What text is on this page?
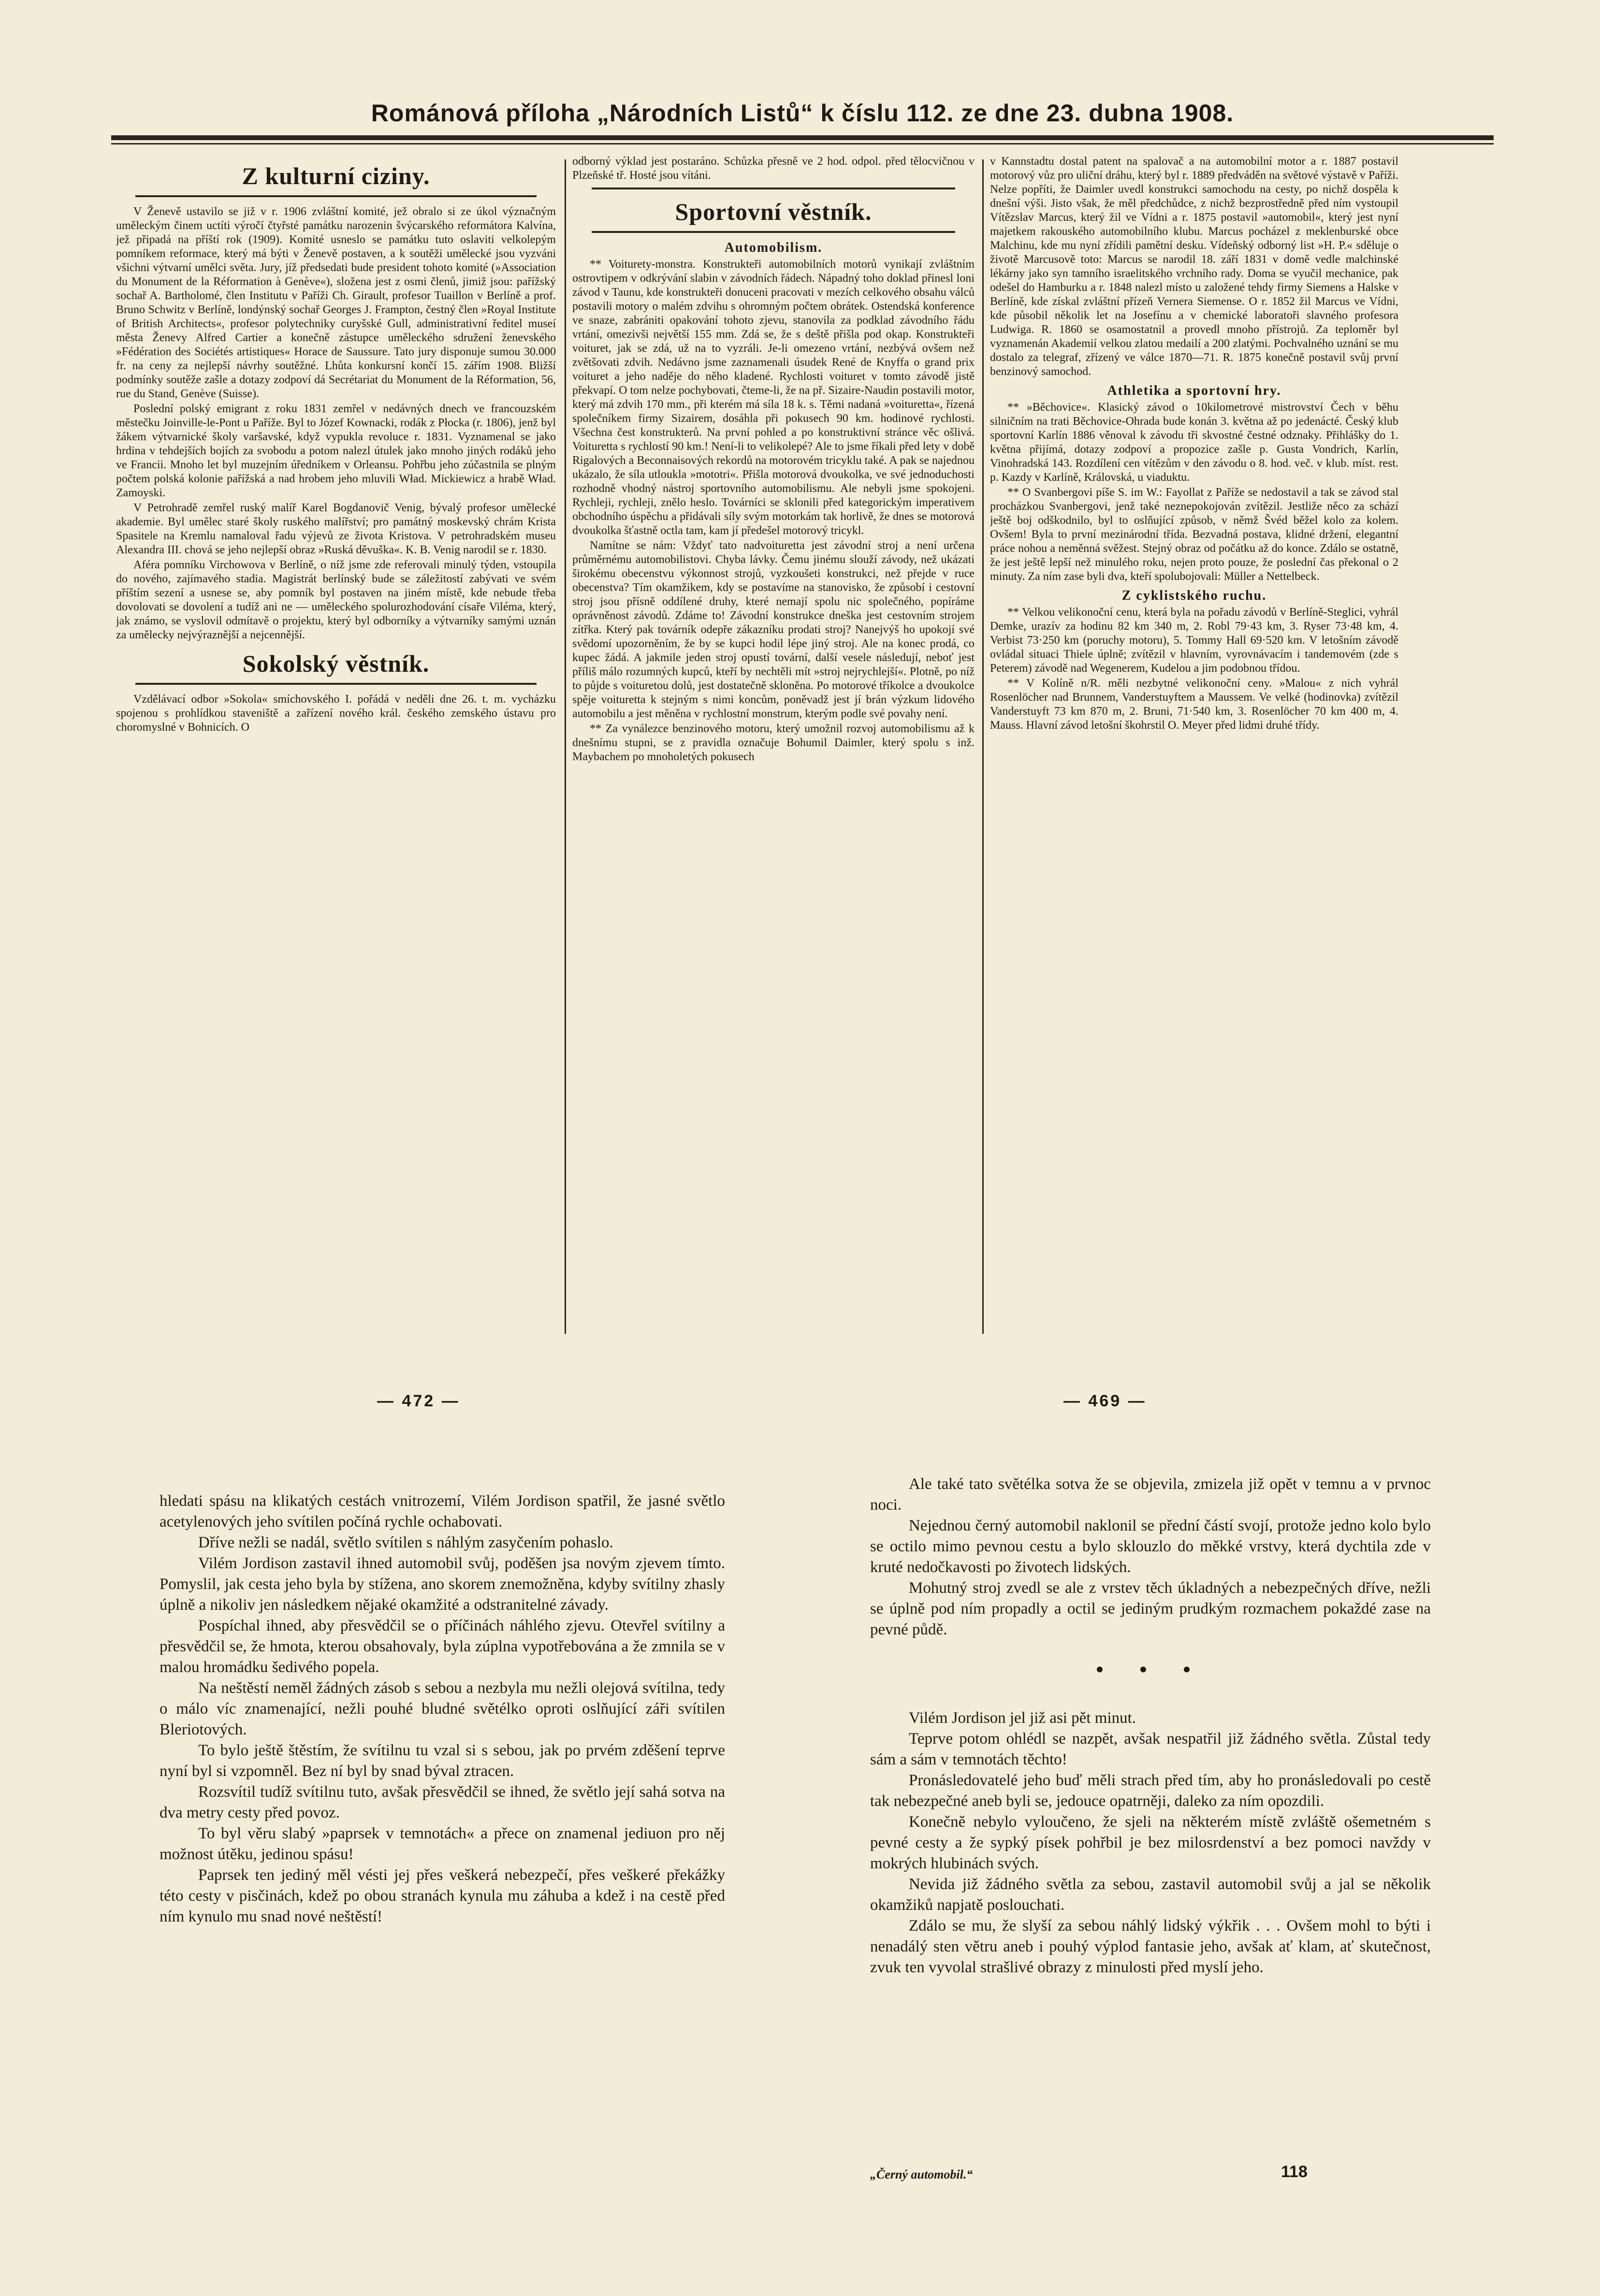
Románová příloha „Národních Listů“ k číslu 112. ze dne 23. dubna 1908.
Z kulturní ciziny.

V Ženevě ustavilo se již v r. 1906 zvláštní komité, jež obralo si ze úkol význačným uměleckým činem uctíti výročí čtyřsté památku narozenin švýcarského reformátora Kalvína, jež připadá na příští rok (1909). Komité usneslo se památku tuto oslaviti velkolepým pomníkem reformace, který má býti v Ženevě postaven, a k soutěži umělecké jsou vyzváni všichni výtvarní umělci světa. Jury, jíž předsedati bude president tohoto komité (»Association du Monument de la Réformation à Genève«), složena jest z osmi členů, jimiž jsou: pařížský sochař A. Bartholomé, člen Institutu v Paříži Ch. Girault, profesor Tuaillon v Berlíně a prof. Bruno Schwitz v Berlíně, londýnský sochař Georges J. Frampton, čestný člen »Royal Institute of British Architects«, profesor polytechniky curyšské Gull, administrativní ředitel museí města Ženevy Alfred Cartier a konečně zástupce uměleckého sdružení ženevského »Fédération des Sociétés artistiques« Horace de Saussure. Tato jury disponuje sumou 30.000 fr. na ceny za nejlepší návrhy soutěžné. Lhůta konkursní končí 15. zářím 1908. Bližší podmínky soutěže zašle a dotazy zodpoví dá Secrétariat du Monument de la Réformation, 56, rue du Stand, Genève (Suisse).

Poslední polský emigrant z roku 1831 zemřel v nedávných dnech ve francouzském městečku Joinville-le-Pont u Paříže. Byl to Józef Kownacki, rodák z Płocka (r. 1806), jenž byl žákem výtvarnické školy varšavské, když vypukla revoluce r. 1831. Vyznamenal se jako hrdina v tehdejších bojích za svobodu a potom nalezl útulek jako mnoho jiných rodáků jeho ve Francii. Mnoho let byl muzejním úředníkem v Orleansu. Pohřbu jeho zúčastnila se plným počtem polská kolonie pařížská a nad hrobem jeho mluvili Wład. Mickiewicz a hrabě Wład. Zamoyski.

V Petrohradě zemřel ruský malíř Karel Bogdanovič Venig, bývalý profesor umělecké akademie. Byl umělec staré školy ruského malířství; pro památný moskevský chrám Krista Spasitele na Kremlu namaloval řadu výjevů ze života Kristova. V petrohradském museu Alexandra III. chová se jeho nejlepší obraz »Ruská děvuška«. K. B. Venig narodil se r. 1830.

Aféra pomníku Virchowova v Berlíně, o níž jsme zde referovali minulý týden, vstoupila do nového, zajímavého stadia. Magistrát berlínský bude se záležitostí zabývati ve svém příštím sezení a usnese se, aby pomník byl postaven na jiném místě, kde nebude třeba dovolovati se dovolení a tudíž ani ne — uměleckého spolurozhodování císaře Viléma, který, jak známo, se vyslovil odmítavě o projektu, který byl odborníky a výtvarníky samými uznán za umělecky nejvýraznější a nejcennější.

Sokolský věstník.

Vzdělávací odbor »Sokola« smíchovského I. pořádá v neděli dne 26. t. m. vycházku spojenou s prohlídkou staveniště a zařízení nového král. českého zemského ústavu pro choromyslné v Bohnicích. O

odborný výklad jest postaráno. Schůzka přesně ve 2 hod. odpol. před tělocvičnou v Plzeňské tř. Hosté jsou vítáni.

Sportovní věstník.
Automobilism.

** Voiturety-monstra. Konstrukteři automobilních motorů vynikají zvláštním ostrovtipem v odkrývání slabin v závodních řádech. Nápadný toho doklad přinesl loni závod v Taunu, kde konstrukteři donuceni pracovati v mezích celkového obsahu válců postavili motory o malém zdvihu s ohromným počtem obrátek. Ostendská konference ve snaze, zabrániti opakování tohoto zjevu, stanovila za podklad závodního řádu vrtání, omezivši největší 155 mm. Zdá se, že s deště přišla pod okap. Konstrukteři voituret, jak se zdá, už na to vyzráli. Je-li omezeno vrtání, nezbývá ovšem než zvětšovati zdvih. Nedávno jsme zaznamenali úsudek René de Knyffa o grand prix voituret a jeho naděje do něho kladené. Rychlosti voituret v tomto závodě jistě překvapí. O tom nelze pochybovati, čteme-li, že na př. Sizaire-Naudin postavili motor, který má zdvih 170 mm., při kterém má síla 18 k. s. Těmi nadaná »voituretta«, řízená společníkem firmy Sizairem, dosáhla při pokusech 90 km. hodinové rychlosti. Všechna čest konstrukterů. Na první pohled a po konstruktivní stránce věc ošlivá. Voituretta s rychlostí 90 km.! Není-li to velikolepé? Ale to jsme říkali před lety v době Rigalových a Beconnaisových rekordů na motorovém tricyklu také. A pak se najednou ukázalo, že síla utloukla »mototri«. Přišla motorová dvoukolka, ve své jednoduchosti rozhodně vhodný nástroj sportovního automobilismu. Ale nebyli jsme spokojeni. Rychleji, rychleji, znělo heslo. Továrníci se sklonili před kategorickým imperativem obchodního úspěchu a přidávali síly svým motorkám tak horlivě, že dnes se motorová dvoukolka šťastně octla tam, kam jí předešel motorový tricykl.

Namítne se nám: Vždyť tato nadvoituretta jest závodní stroj a není určena průměrnému automobilistovi. Chyba lávky. Čemu jinému slouží závody, než ukázati širokému obecenstvu výkonnost strojů, vyzkoušeti konstrukci, než přejde v ruce obecenstva? Tím okamžikem, kdy se postavíme na stanovisko, že způsobí i cestovní stroj jsou přísně oddílené druhy, které nemají spolu nic společného, popíráme oprávněnost závodů. Zdáme to! Závodní konstrukce dneška jest cestovním strojem zítřka. Který pak továrník odepře zákazníku prodati stroj? Nanejvýš ho upokojí své svědomí upozorněním, že by se kupci hodil lépe jiný stroj. Ale na konec prodá, co kupec žádá. A jakmile jeden stroj opustí tovární, další vesele následují, neboť jest příliš málo rozumných kupců, kteří by nechtěli mít »stroj nejrychlejší«. Plotně, po níž to půjde s voituretou dolů, jest dostatečně skloněna. Po motorové tříkolce a dvoukolce spěje voituretta k stejným s nimi koncům, poněvadž jest jí brán výzkum lidového automobilu a jest měněna v rychlostní monstrum, kterým podle své povahy není.

** Za vynálezce benzinového motoru, který umožnil rozvoj automobilismu až k dnešnímu stupni, se z pravidla označuje Bohumil Daimler, který spolu s inž. Maybachem po mnoholetých pokusech

v Kannstadtu dostal patent na spalovač a na automobilní motor a r. 1887 postavil motorový vůz pro uliční dráhu, který byl r. 1889 předváděn na světové výstavě v Paříži. Nelze popříti, že Daimler uvedl konstrukci samochodu na cesty, po nichž dospěla k dnešní výši. Jisto však, že měl předchůdce, z nichž bezprostředně před ním vystoupil Vítězslav Marcus, který žil ve Vídni a r. 1875 postavil »automobil«, který jest nyní majetkem rakouského automobilního klubu. Marcus pocházel z meklenburské obce Malchinu, kde mu nyní zřídili pamětní desku. Vídeňský odborný list »H. P.« sděluje o životě Marcusově toto: Marcus se narodil 18. září 1831 v domě vedle malchinské lékárny jako syn tamního israelitského vrchního rady. Doma se vyučil mechanice, pak odešel do Hamburku a r. 1848 nalezl místo u založené tehdy firmy Siemens a Halske v Berlíně, kde získal zvláštní přízeň Vernera Siemense. O r. 1852 žil Marcus ve Vídni, kde působil několik let na Josefínu a v chemické laboratoři slavného profesora Ludwiga. R. 1860 se osamostatnil a provedl mnoho přístrojů. Za teploměr byl vyznamenán Akademií velkou zlatou medailí a 200 zlatými. Pochvalného uznání se mu dostalo za telegraf, zřízený ve válce 1870—71. R. 1875 konečně postavil svůj první benzinový samochod.

Athletika a sportovní hry.

** »Běchovice«. Klasický závod o 10kilometrové mistrovství Čech v běhu silničním na trati Běchovice-Ohrada bude konán 3. května až po jedenácté. Český klub sportovní Karlín 1886 věnoval k závodu tři skvostné čestné odznaky. Přihlášky do 1. května přijímá, dotazy zodpoví a propozice zašle p. Gusta Vondrich, Karlín, Vinohradská 143. Rozdílení cen vítězům v den závodu o 8. hod. več. v klub. míst. rest. p. Kazdy v Karlíně, Královská, u viaduktu.

** O Svanbergovi píše S. im W.: Fayollat z Paříže se nedostavil a tak se závod stal procházkou Svanbergovi, jenž také neznepokojován zvítězil. Jestliže něco za schází ještě boj odškodnilo, byl to oslňující způsob, v němž Švéd běžel kolo za kolem. Ovšem! Byla to první mezinárodní třída. Bezvadná postava, klidné držení, elegantní práce nohou a neměnná svěžest. Stejný obraz od počátku až do konce. Zdálo se ostatně, že jest ještě lepší než minulého roku, nejen proto pouze, že poslední čas překonal o 2 minuty. Za ním zase byli dva, kteří spolubojovali: Müller a Nettelbeck.

Z cyklistského ruchu.

** Velkou velikonoční cenu, která byla na pořadu závodů v Berlíně-Steglici, vyhrál Demke, urazív za hodinu 82 km 340 m, 2. Robl 79·43 km, 3. Ryser 73·48 km, 4. Verbist 73·250 km (poruchy motoru), 5. Tommy Hall 69·520 km. V letošním závodě ovládal situaci Thiele úplně; zvítězil v hlavním, vyrovnávacím i tandemovém (zde s Peterem) závodě nad Wegenerem, Kudelou a jim podobnou třídou.

** V Kolíně n/R. měli nezbytné velikonoční ceny. »Malou« z nich vyhrál Rosenlöcher nad Brunnem, Vanderstuyftem a Maussem. Ve velké (hodinovka) zvítězil Vanderstuyft 73 km 870 m, 2. Bruni, 71·540 km, 3. Rosenlöcher 70 km 400 m, 4. Mauss. Hlavní závod letošní škohrstil O. Meyer před lidmi druhé třídy.

— 472 —	— 469 —

hledati spásu na klikatých cestách vnitrozemí, Vilém Jordison spatřil, že jasné světlo acetylenových jeho svítilen počíná rychle ochabovati.

Dříve nežli se nadál, světlo svítilen s náhlým zasyčením pohaslo.

Vilém Jordison zastavil ihned automobil svůj, poděšen jsa novým zjevem tímto. Pomyslil, jak cesta jeho byla by stížena, ano skorem znemožněna, kdyby svítilny zhasly úplně a nikoliv jen následkem nějaké okamžité a odstranitelné závady.

Pospíchal ihned, aby přesvědčil se o příčinách náhlého zjevu. Otevřel svítilny a přesvědčil se, že hmota, kterou obsahovaly, byla zúplna vypotřebována a že zmnila se v malou hromádku šedivého popela.

Na neštěstí neměl žádných zásob s sebou a nezbyla mu nežli olejová svítilna, tedy o málo víc znamenající, nežli pouhé bludné světélko oproti oslňující záři svítilen Bleriotových.

To bylo ještě štěstím, že svítilnu tu vzal si s sebou, jak po prvém zděšení teprve nyní byl si vzpomněl. Bez ní byl by snad býval ztracen.

Rozsvítil tudíž svítilnu tuto, avšak přesvědčil se ihned, že světlo její sahá sotva na dva metry cesty před povoz.

To byl věru slabý »paprsek v temnotách« a přece on znamenal jediuon pro něj možnost útěku, jedinou spásu!

Paprsek ten jediný měl vésti jej přes veškerá nebezpečí, přes veškeré překážky této cesty v pisčinách, kdež po obou stranách kynula mu záhuba a kdež i na cestě před ním kynulo mu snad nové neštěstí!

Ale také tato světélka sotva že se objevila, zmizela již opět v temnu a v prvnoc noci.

Nejednou černý automobil naklonil se přední částí svojí, protože jedno kolo bylo se octilo mimo pevnou cestu a bylo sklouzlo do měkké vrstvy, která dychtila zde v kruté nedočkavosti po životech lidských.

Mohutný stroj zvedl se ale z vrstev těch úkladných a nebezpečných dříve, nežli se úplně pod ním propadly a octil se jediným prudkým rozmachem pokaždé zase na pevné půdě.

• • •

Vilém Jordison jel již asi pět minut.

Teprve potom ohlédl se nazpět, avšak nespatřil již žádného světla. Zůstal tedy sám a sám v temnotách těchto!

Pronásledovatelé jeho buď měli strach před tím, aby ho pronásledovali po cestě tak nebezpečné aneb byli se, jedouce opatrněji, daleko za ním opozdili.

Konečně nebylo vyloučeno, že sjeli na některém místě zvláště ošemetném s pevné cesty a že sypký písek pohřbil je bez milosrdenství a bez pomoci navždy v mokrých hlubinách svých.

Nevida již žádného světla za sebou, zastavil automobil svůj a jal se několik okamžiků napjatě poslouchati.

Zdálo se mu, že slyší za sebou náhlý lidský výkřik . . . Ovšem mohl to býti i nenadálý sten větru aneb i pouhý výplod fantasie jeho, avšak ať klam, ať skutečnost, zvuk ten vyvolal strašlivé obrazy z minulosti před myslí jeho.

„Černý automobil.“	118
